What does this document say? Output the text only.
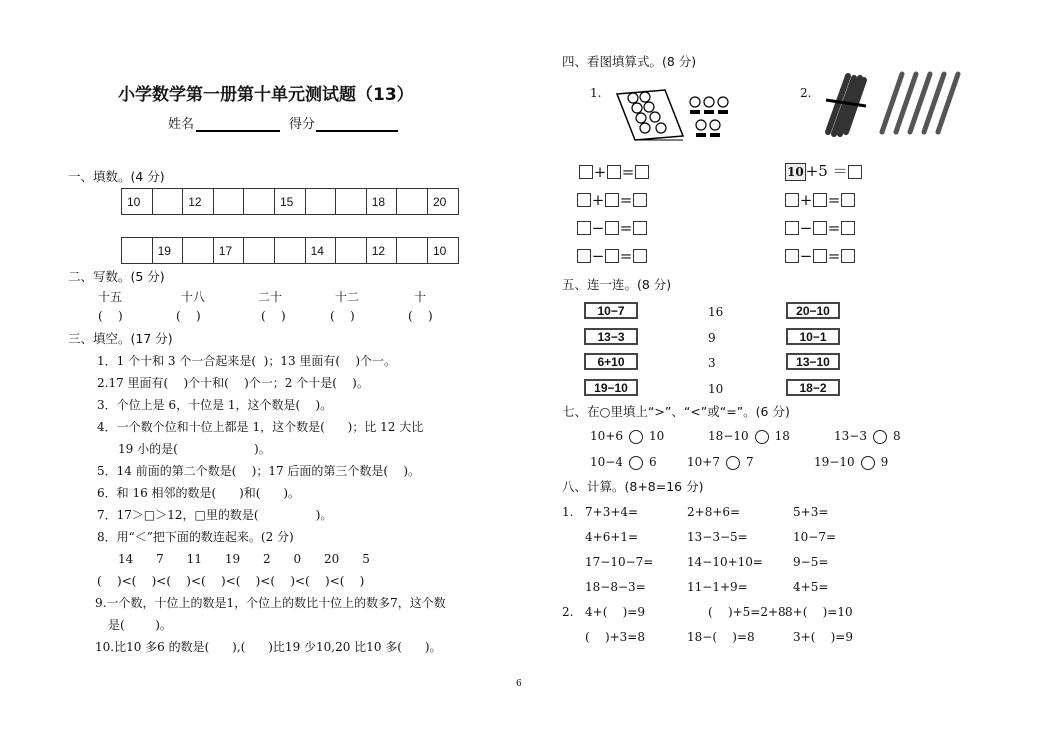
小学数学第一册第十单元测试题（13）
姓名	得分
一、填数。(4 分)
10		12			15			18		20
	19		17			14		12		10
二、写数。(5 分)
十五	十八	二十	十二	十
(    )	(    )	(    )	(    )	(    )
三、填空。(17 分)
1．1 个十和 3 个一合起来是(  )；13 里面有(    )个一。
2.17 里面有(    )个十和(    )个一；2 个十是(    )。
3．个位上是 6，十位是 1，这个数是(    )。
4．一个数个位和十位上都是 1，这个数是(      )；比 12 大比
19 小的是(                    )。
5．14 前面的第二个数是(    )；17 后面的第三个数是(    )。
6．和 16 相邻的数是(      )和(      )。
7．17＞□＞12，□里的数是(               )。
8．用“＜”把下面的数连起来。(2 分)
14      7      11      19      2      0      20      5
(    )<(    )<(    )<(    )<(    )<(    )<(    )<(    )
9.一个数，十位上的数是1，个位上的数比十位上的数多7，这个数
是(        )。
10.比10 多6 的数是(      ),(      )比19 少10,20 比10 多(      )。
6
四、看图填算式。(8 分)
1.	2.
+ =
+ =
− =
− =
10 +5 ＝
+ =
− =
− =
五、连一连。(8 分)
10−7
13−3
6+10
19−10
16
9
3
10
20−10
10−1
13−10
18−2
七、在○里填上“>”、“<”或“=”。(6 分)
10+6 10	18−10 18	13−3 8
10−4 6	10+7 7	19−10 9
八、计算。(8+8=16 分)
1.
2.
7+3+4=	2+8+6=	5+3=
4+6+1=	13−3−5=	10−7=
17−10−7=	14−10+10=	9−5=
18−8−3=	11−1+9=	4+5=
4+(    )=9	(    )+5=2+8 8+(    )=10
(    )+3=8	18−(    )=8	3+(    )=9
